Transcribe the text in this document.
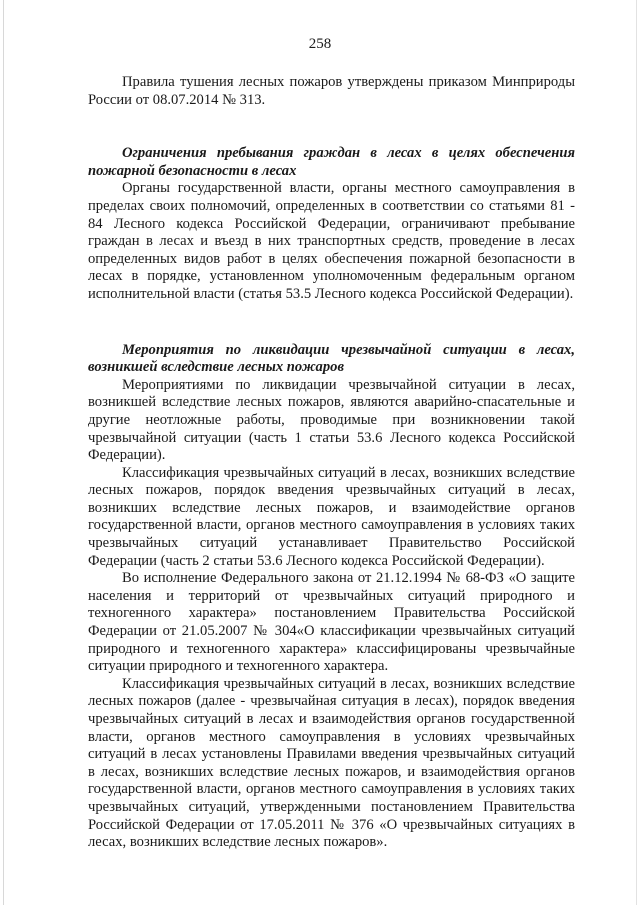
258

Правила тушения лесных пожаров утверждены приказом Минприроды России от 08.07.2014 № 313.

Ограничения пребывания граждан в лесах в целях обеспечения пожарной безопасности в лесах

Органы государственной власти, органы местного самоуправления в пределах своих полномочий, определенных в соответствии со статьями 81 - 84 Лесного кодекса Российской Федерации, ограничивают пребывание граждан в лесах и въезд в них транспортных средств, проведение в лесах определенных видов работ в целях обеспечения пожарной безопасности в лесах в порядке, установленном уполномоченным федеральным органом исполнительной власти (статья 53.5 Лесного кодекса Российской Федерации).

Мероприятия по ликвидации чрезвычайной ситуации в лесах, возникшей вследствие лесных пожаров

Мероприятиями по ликвидации чрезвычайной ситуации в лесах, возникшей вследствие лесных пожаров, являются аварийно-спасательные и другие неотложные работы, проводимые при возникновении такой чрезвычайной ситуации (часть 1 статьи 53.6 Лесного кодекса Российской Федерации).

Классификация чрезвычайных ситуаций в лесах, возникших вследствие лесных пожаров, порядок введения чрезвычайных ситуаций в лесах, возникших вследствие лесных пожаров, и взаимодействие органов государственной власти, органов местного самоуправления в условиях таких чрезвычайных ситуаций устанавливает Правительство Российской Федерации (часть 2 статьи 53.6 Лесного кодекса Российской Федерации).

Во исполнение Федерального закона от 21.12.1994 № 68-ФЗ «О защите населения и территорий от чрезвычайных ситуаций природного и техногенного характера» постановлением Правительства Российской Федерации от 21.05.2007 № 304«О классификации чрезвычайных ситуаций природного и техногенного характера» классифицированы чрезвычайные ситуации природного и техногенного характера.

Классификация чрезвычайных ситуаций в лесах, возникших вследствие лесных пожаров (далее - чрезвычайная ситуация в лесах), порядок введения чрезвычайных ситуаций в лесах и взаимодействия органов государственной власти, органов местного самоуправления в условиях чрезвычайных ситуаций в лесах установлены Правилами введения чрезвычайных ситуаций в лесах, возникших вследствие лесных пожаров, и взаимодействия органов государственной власти, органов местного самоуправления в условиях таких чрезвычайных ситуаций, утвержденными постановлением Правительства Российской Федерации от 17.05.2011 № 376 «О чрезвычайных ситуациях в лесах, возникших вследствие лесных пожаров».
